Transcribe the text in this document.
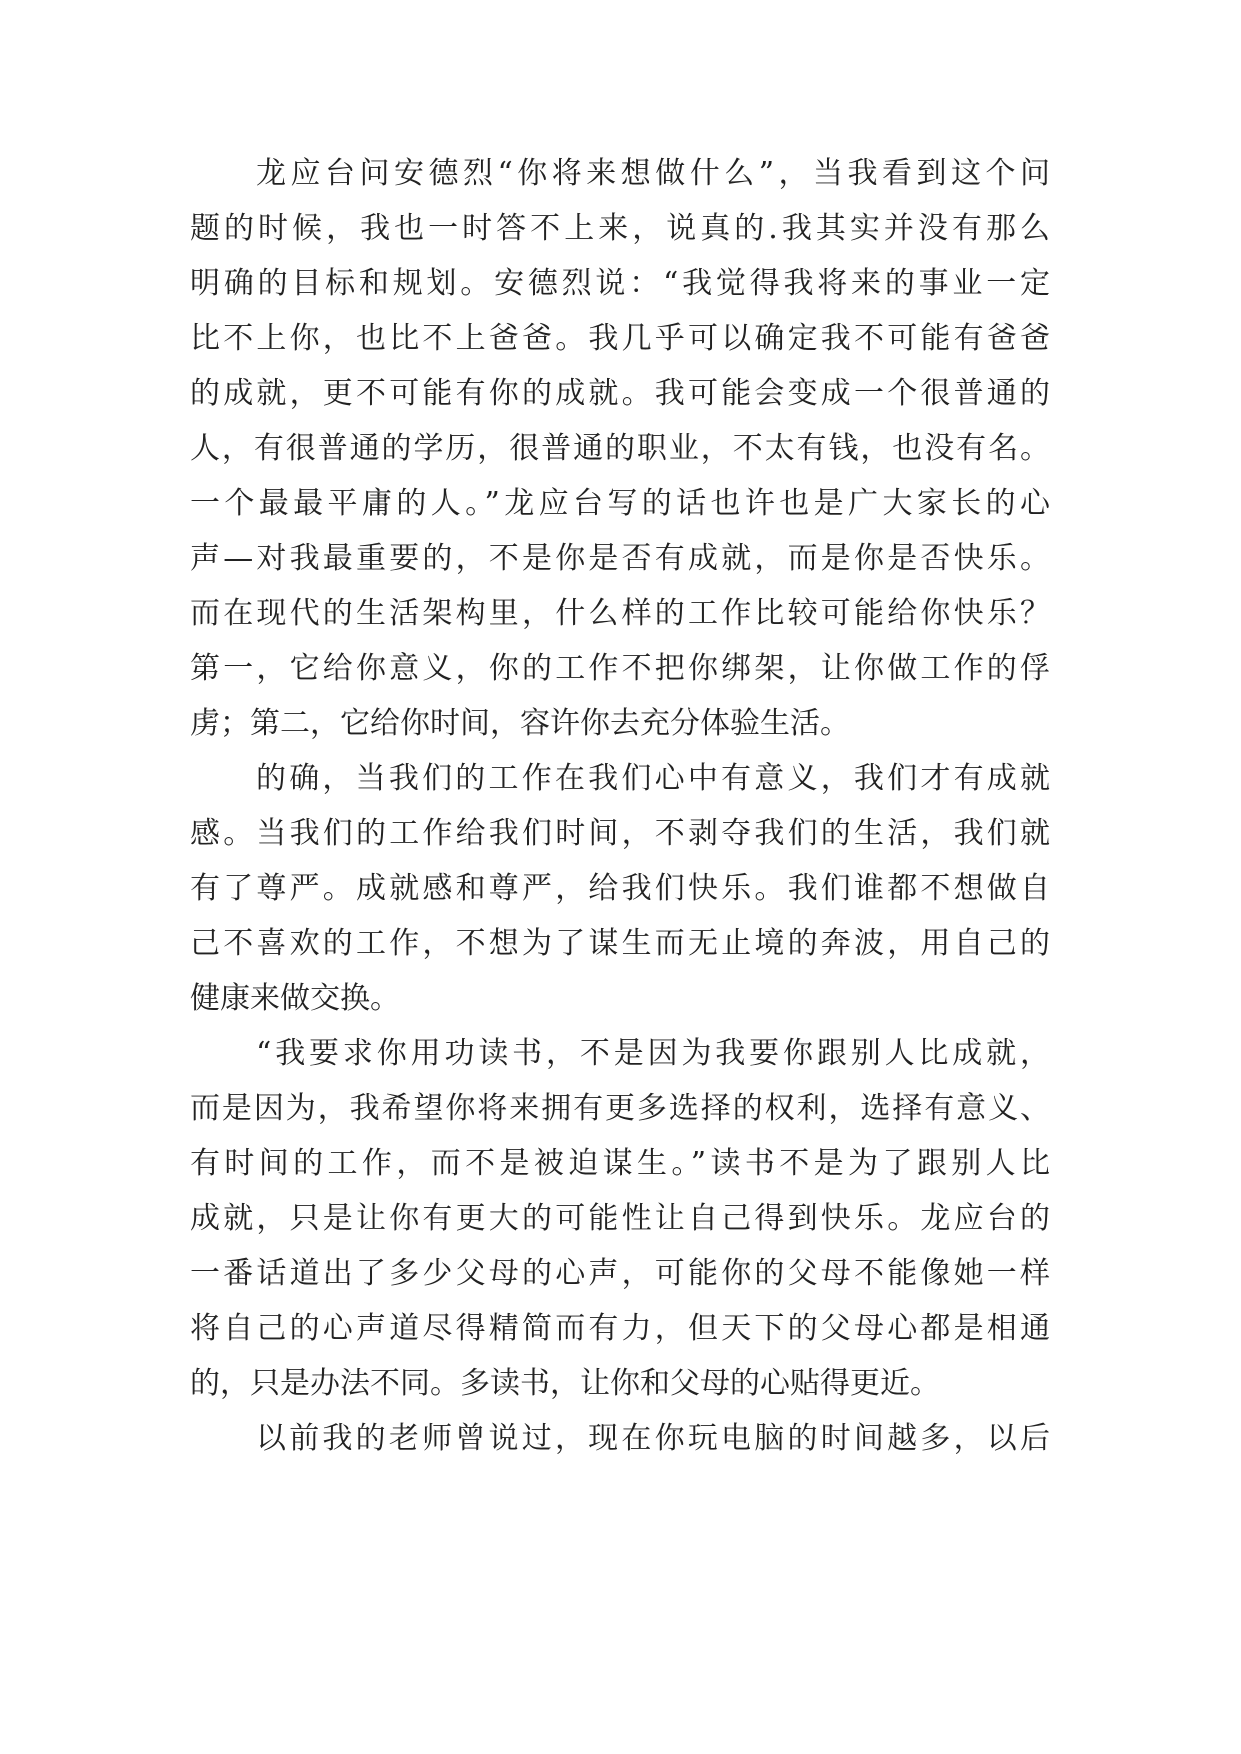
龙应台问安德烈“你将来想做什么”，当我看到这个问
题的时候，我也一时答不上来，说真的.我其实并没有那么
明确的目标和规划。安德烈说：“我觉得我将来的事业一定
比不上你，也比不上爸爸。我几乎可以确定我不可能有爸爸
的成就，更不可能有你的成就。我可能会变成一个很普通的
人，有很普通的学历，很普通的职业，不太有钱，也没有名。
一个最最平庸的人。”龙应台写的话也许也是广大家长的心
声—对我最重要的，不是你是否有成就，而是你是否快乐。
而在现代的生活架构里，什么样的工作比较可能给你快乐？
第一，它给你意义，你的工作不把你绑架，让你做工作的俘
虏；第二，它给你时间，容许你去充分体验生活。
的确，当我们的工作在我们心中有意义，我们才有成就
感。当我们的工作给我们时间，不剥夺我们的生活，我们就
有了尊严。成就感和尊严，给我们快乐。我们谁都不想做自
己不喜欢的工作，不想为了谋生而无止境的奔波，用自己的
健康来做交换。
“我要求你用功读书，不是因为我要你跟别人比成就，
而是因为，我希望你将来拥有更多选择的权利，选择有意义、
有时间的工作，而不是被迫谋生。”读书不是为了跟别人比
成就，只是让你有更大的可能性让自己得到快乐。龙应台的
一番话道出了多少父母的心声，可能你的父母不能像她一样
将自己的心声道尽得精简而有力，但天下的父母心都是相通
的，只是办法不同。多读书，让你和父母的心贴得更近。
以前我的老师曾说过，现在你玩电脑的时间越多，以后
